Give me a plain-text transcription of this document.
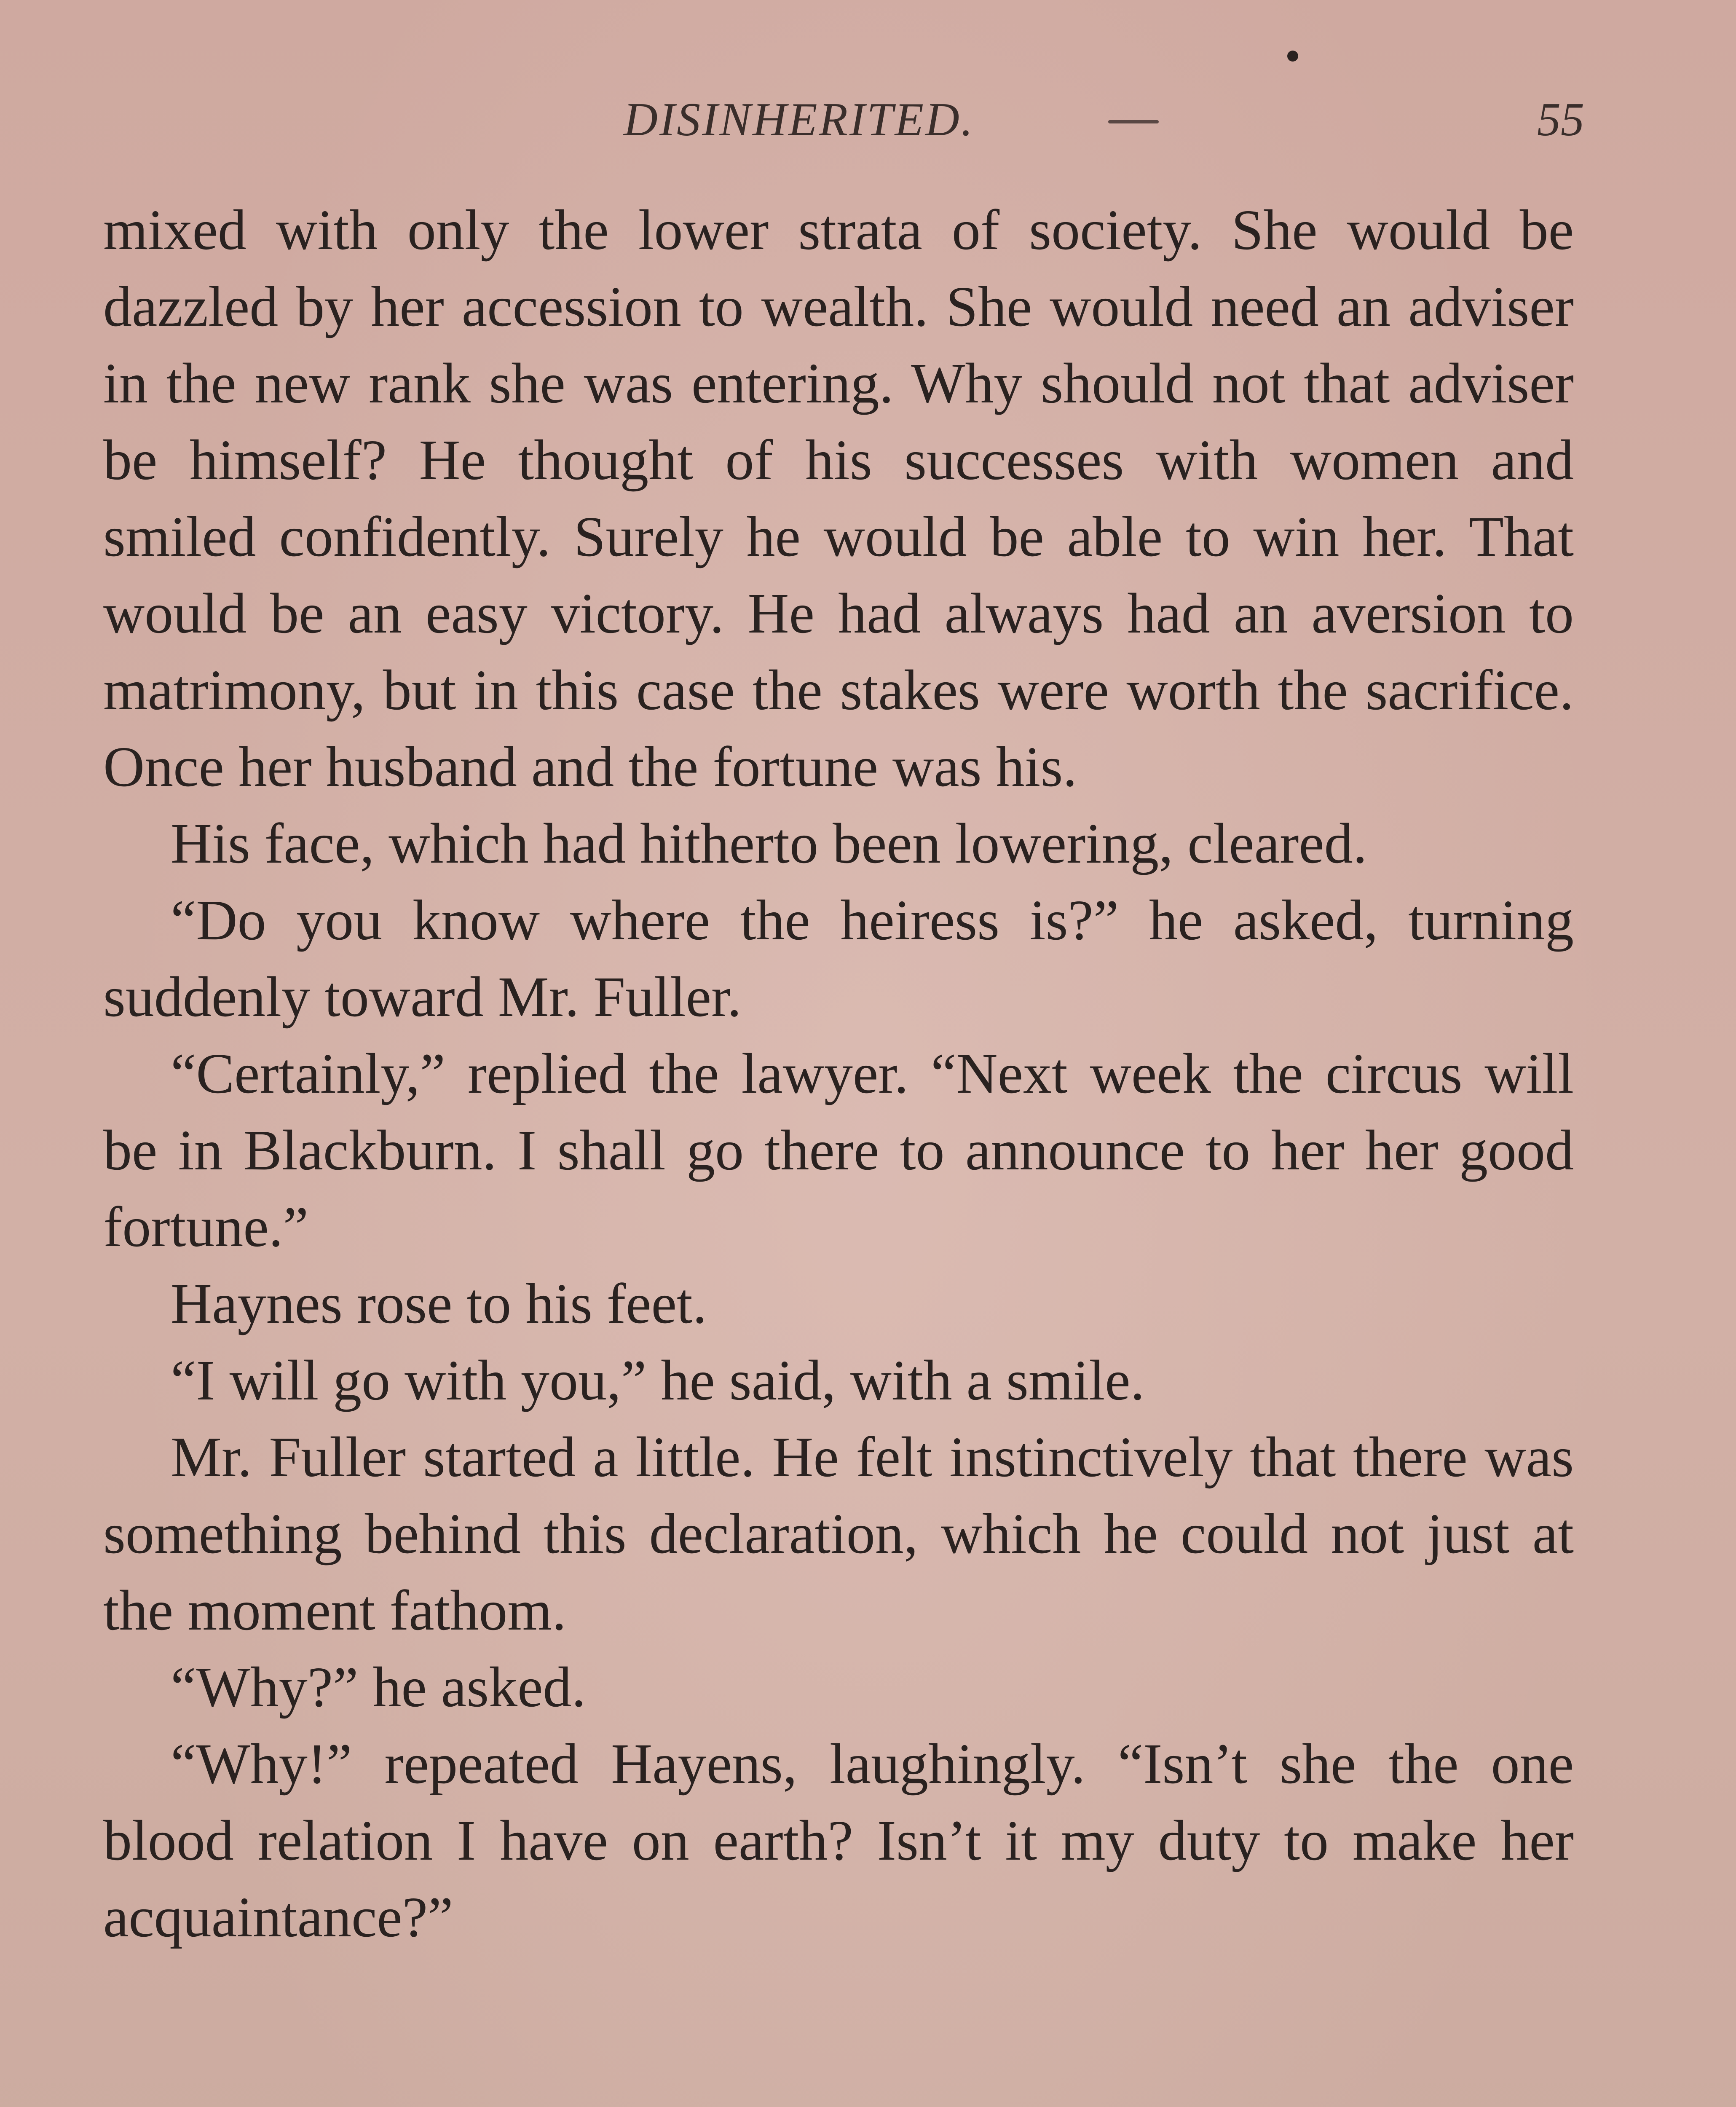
DISINHERITED.	55

mixed with only the lower strata of society. She would be dazzled by her accession to wealth. She would need an adviser in the new rank she was entering. Why should not that adviser be himself? He thought of his successes with women and smiled confidently. Surely he would be able to win her. That would be an easy victory. He had always had an aversion to matrimony, but in this case the stakes were worth the sacrifice. Once her husband and the fortune was his.

His face, which had hitherto been lowering, cleared.

“Do you know where the heiress is?” he asked, turning suddenly toward Mr. Fuller.

“Certainly,” replied the lawyer. “Next week the circus will be in Blackburn. I shall go there to announce to her her good fortune.”

Haynes rose to his feet.

“I will go with you,” he said, with a smile.

Mr. Fuller started a little. He felt instinctively that there was something behind this declaration, which he could not just at the moment fathom.

“Why?” he asked.

“Why!” repeated Hayens, laughingly. “Isn’t she the one blood relation I have on earth? Isn’t it my duty to make her acquaintance?”
